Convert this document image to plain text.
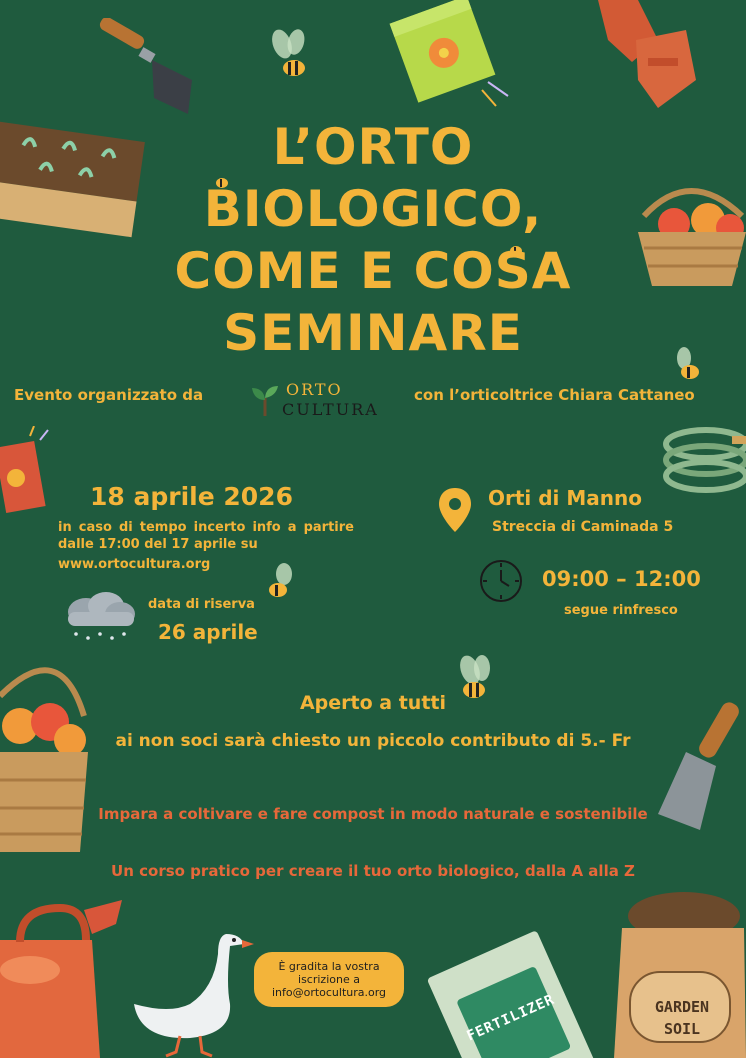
FERTILIZER	GARDEN
SOIL
L’ORTO
BIOLOGICO,
COME E COSA
SEMINARE
Evento organizzato da	ORTO
CULTURA
con l’orticoltrice Chiara Cattaneo
18 aprile 2026
in caso di tempo incerto info a partire dalle 17:00 del 17 aprile su
www.ortocultura.org
data di riserva
26 aprile
Orti di Manno
Streccia di Caminada 5
09:00 – 12:00
segue rinfresco
Aperto a tutti
ai non soci sarà chiesto un piccolo contributo di 5.- Fr
Impara a coltivare e fare compost in modo naturale e sostenibile
Un corso pratico per creare il tuo orto biologico, dalla A alla Z
È gradita la vostra
iscrizione a
info@ortocultura.org
